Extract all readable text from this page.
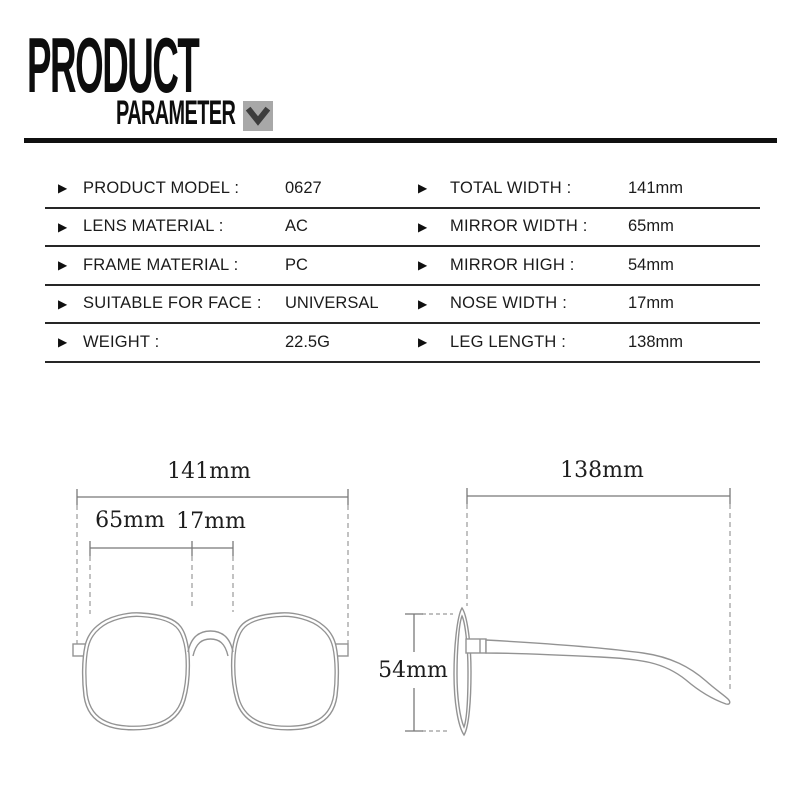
PRODUCT
PARAMETER
▶ PRODUCT MODEL :	0627	▶ TOTAL WIDTH :	141mm
▶ LENS MATERIAL :	AC	▶ MIRROR WIDTH :	65mm
▶ FRAME MATERIAL :	PC	▶ MIRROR HIGH :	54mm
▶ SUITABLE FOR FACE :	UNIVERSAL	▶ NOSE WIDTH :	17mm
▶ WEIGHT :	22.5G	▶ LEG LENGTH :	138mm
141mm
65mm 17mm
138mm
54mm
